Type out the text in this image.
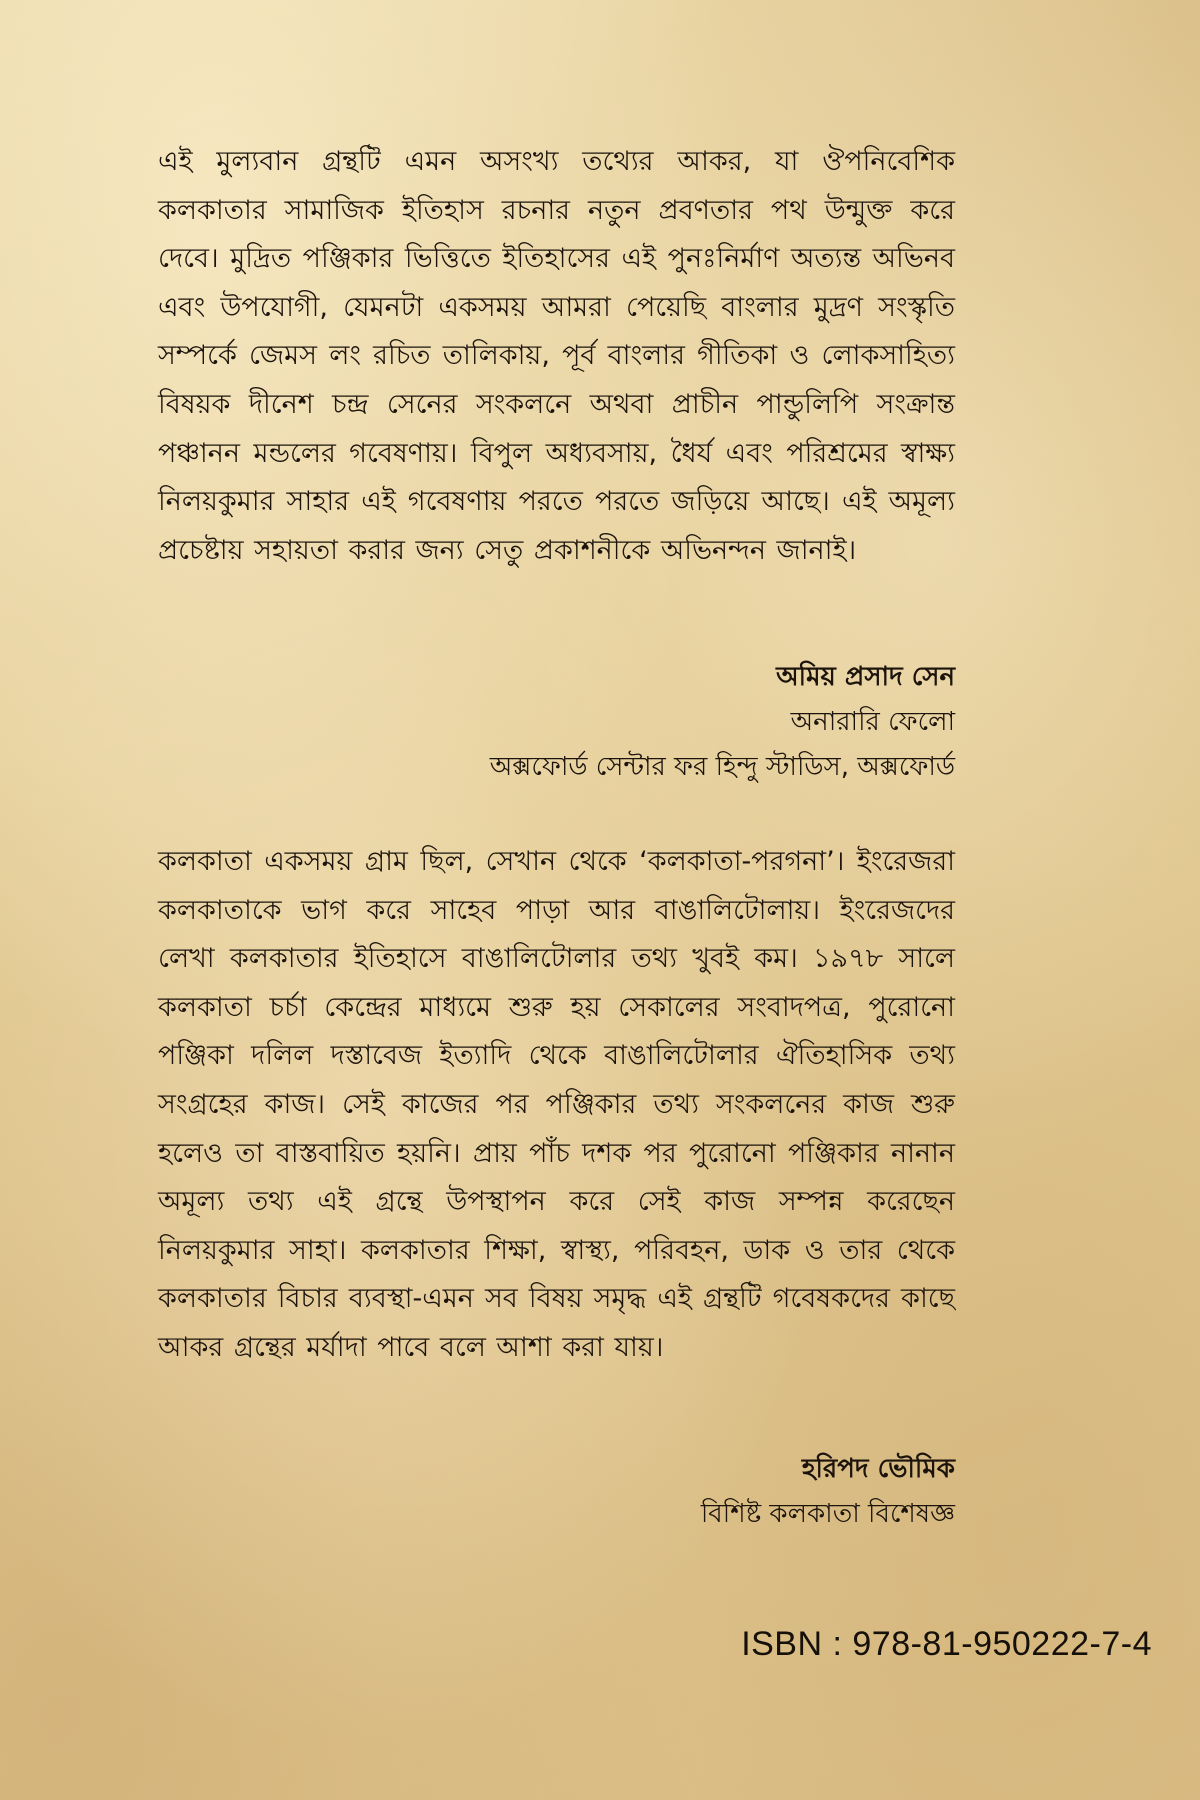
এই মুল্যবান গ্রন্থটি এমন অসংখ্য তথ্যের আকর, যা ঔপনিবেশিক কলকাতার সামাজিক ইতিহাস রচনার নতুন প্রবণতার পথ উন্মুক্ত করে দেবে। মুদ্রিত পঞ্জিকার ভিত্তিতে ইতিহাসের এই পুনঃনির্মাণ অত্যন্ত অভিনব এবং উপযোগী, যেমনটা একসময় আমরা পেয়েছি বাংলার মুদ্রণ সংস্কৃতি সম্পর্কে জেমস লং রচিত তালিকায়, পূর্ব বাংলার গীতিকা ও লোকসাহিত্য বিষয়ক দীনেশ চন্দ্র সেনের সংকলনে অথবা প্রাচীন পান্ডুলিপি সংক্রান্ত পঞ্চানন মন্ডলের গবেষণায়। বিপুল অধ্যবসায়, ধৈর্য এবং পরিশ্রমের স্বাক্ষ্য নিলয়কুমার সাহার এই গবেষণায় পরতে পরতে জড়িয়ে আছে। এই অমূল্য প্রচেষ্টায় সহায়তা করার জন্য সেতু প্রকাশনীকে অভিনন্দন জানাই।

অমিয় প্রসাদ সেন
অনারারি ফেলো
অক্সফোর্ড সেন্টার ফর হিন্দু স্টাডিস, অক্সফোর্ড

কলকাতা একসময় গ্রাম ছিল, সেখান থেকে ‘কলকাতা-পরগনা’। ইংরেজরা কলকাতাকে ভাগ করে সাহেব পাড়া আর বাঙালিটোলায়। ইংরেজদের লেখা কলকাতার ইতিহাসে বাঙালিটোলার তথ্য খুবই কম। ১৯৭৮ সালে কলকাতা চর্চা কেন্দ্রের মাধ্যমে শুরু হয় সেকালের সংবাদপত্র, পুরোনো পঞ্জিকা দলিল দস্তাবেজ ইত্যাদি থেকে বাঙালিটোলার ঐতিহাসিক তথ্য সংগ্রহের কাজ। সেই কাজের পর পঞ্জিকার তথ্য সংকলনের কাজ শুরু হলেও তা বাস্তবায়িত হয়নি। প্রায় পাঁচ দশক পর পুরোনো পঞ্জিকার নানান অমূল্য তথ্য এই গ্রন্থে উপস্থাপন করে সেই কাজ সম্পন্ন করেছেন নিলয়কুমার সাহা। কলকাতার শিক্ষা, স্বাস্থ্য, পরিবহন, ডাক ও তার থেকে কলকাতার বিচার ব্যবস্থা-এমন সব বিষয় সমৃদ্ধ এই গ্রন্থটি গবেষকদের কাছে আকর গ্রন্থের মর্যাদা পাবে বলে আশা করা যায়।

হরিপদ ভৌমিক
বিশিষ্ট কলকাতা বিশেষজ্ঞ
ISBN : 978-81-950222-7-4
